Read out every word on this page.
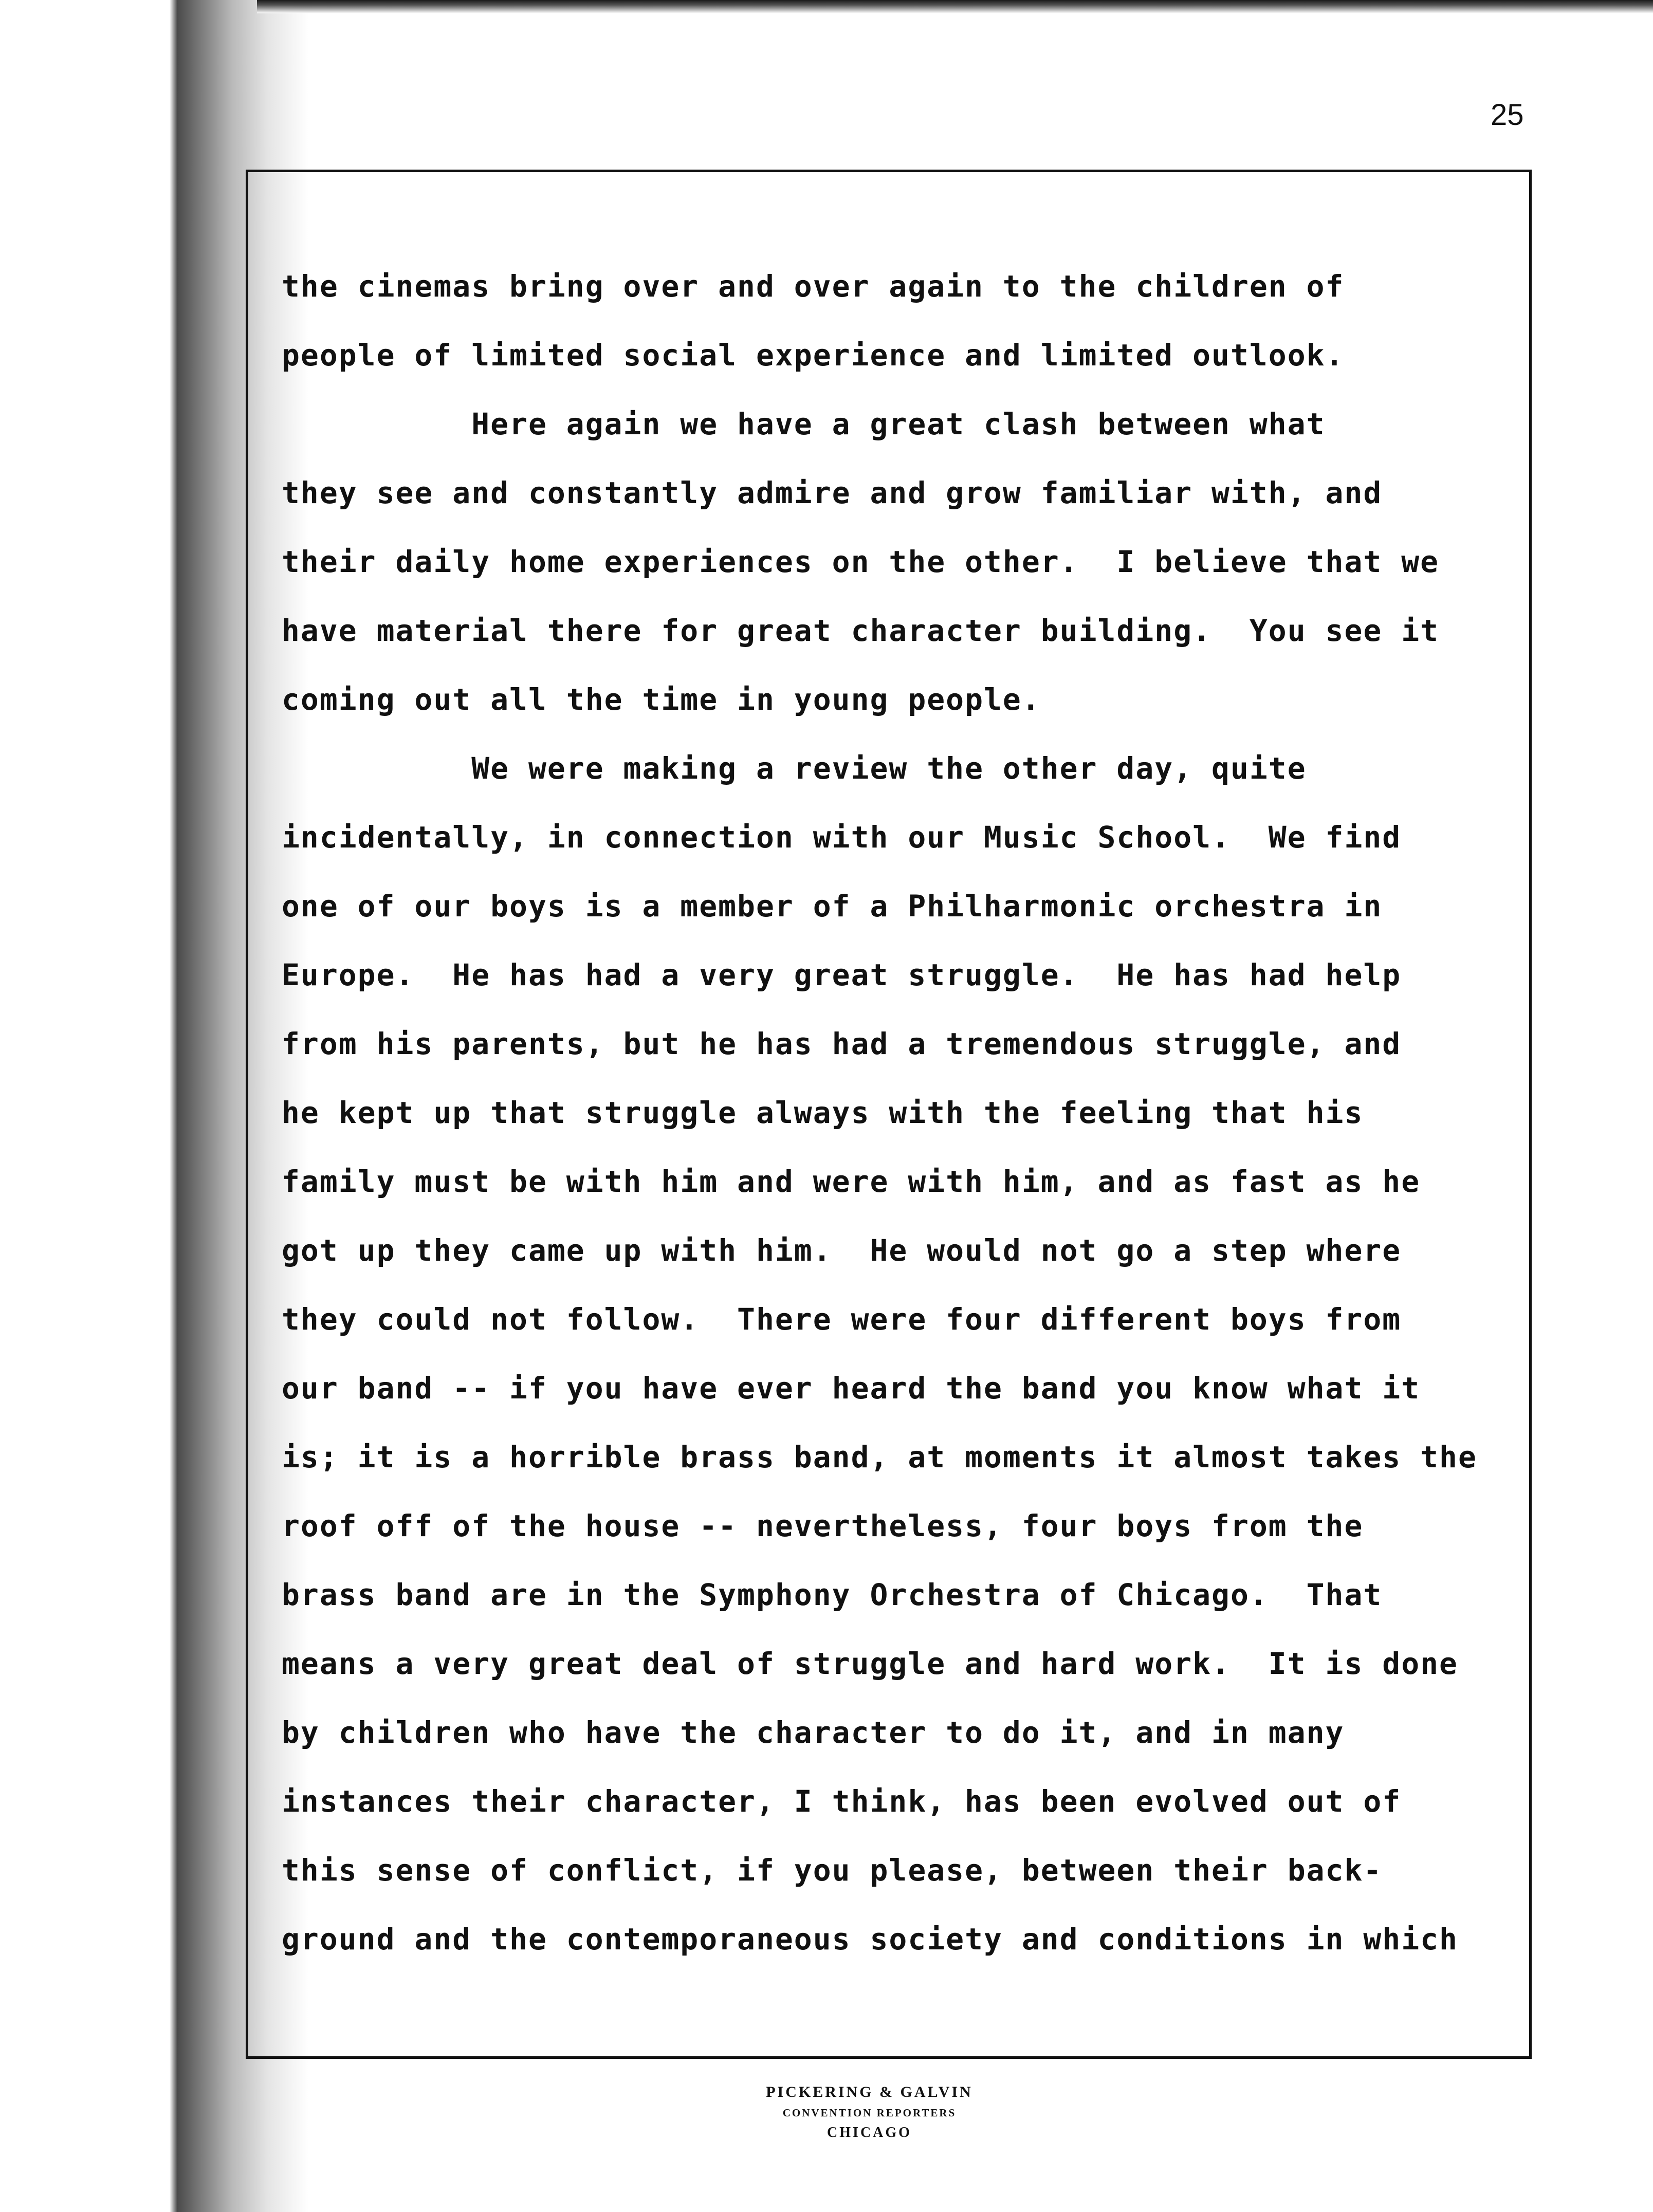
25
the cinemas bring over and over again to the children of
people of limited social experience and limited outlook.
Here again we have a great clash between what
they see and constantly admire and grow familiar with, and
their daily home experiences on the other.  I believe that we
have material there for great character building.  You see it
coming out all the time in young people.
We were making a review the other day, quite
incidentally, in connection with our Music School.  We find
one of our boys is a member of a Philharmonic orchestra in
Europe.  He has had a very great struggle.  He has had help
from his parents, but he has had a tremendous struggle, and
he kept up that struggle always with the feeling that his
family must be with him and were with him, and as fast as he
got up they came up with him.  He would not go a step where
they could not follow.  There were four different boys from
our band -- if you have ever heard the band you know what it
is; it is a horrible brass band, at moments it almost takes the
roof off of the house -- nevertheless, four boys from the
brass band are in the Symphony Orchestra of Chicago.  That
means a very great deal of struggle and hard work.  It is done
by children who have the character to do it, and in many
instances their character, I think, has been evolved out of
this sense of conflict, if you please, between their back-
ground and the contemporaneous society and conditions in which
PICKERING & GALVIN
CONVENTION REPORTERS
CHICAGO
